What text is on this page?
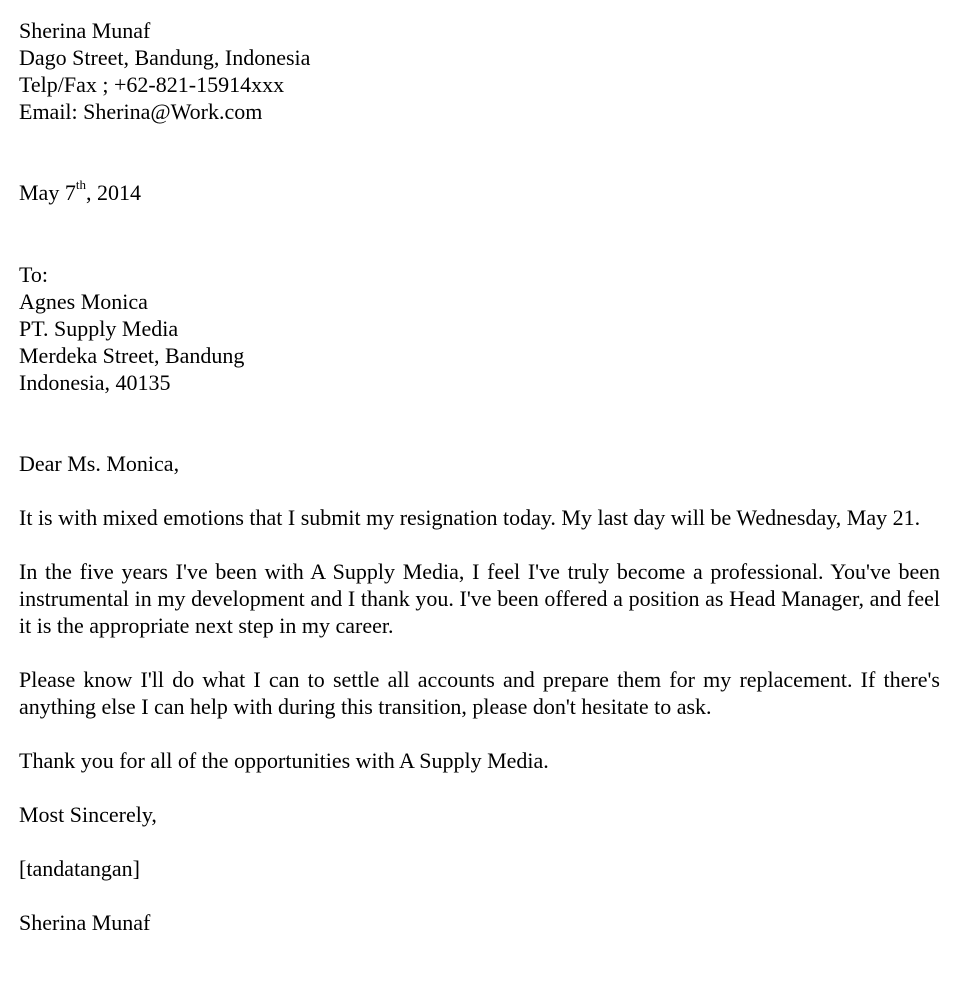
Sherina Munaf
Dago Street, Bandung, Indonesia
Telp/Fax ; +62-821-15914xxx
Email: Sherina@Work.com
May 7th, 2014
To:
Agnes Monica
PT. Supply Media
Merdeka Street, Bandung
Indonesia, 40135
Dear Ms. Monica,

It is with mixed emotions that I submit my resignation today. My last day will be Wednesday, May 21.

In the five years I've been with A Supply Media, I feel I've truly become a professional. You've been instrumental in my development and I thank you. I've been offered a position as Head Manager, and feel it is the appropriate next step in my career.

Please know I'll do what I can to settle all accounts and prepare them for my replacement. If there's anything else I can help with during this transition, please don't hesitate to ask.

Thank you for all of the opportunities with A Supply Media.
Most Sincerely,
[tandatangan]
Sherina Munaf
